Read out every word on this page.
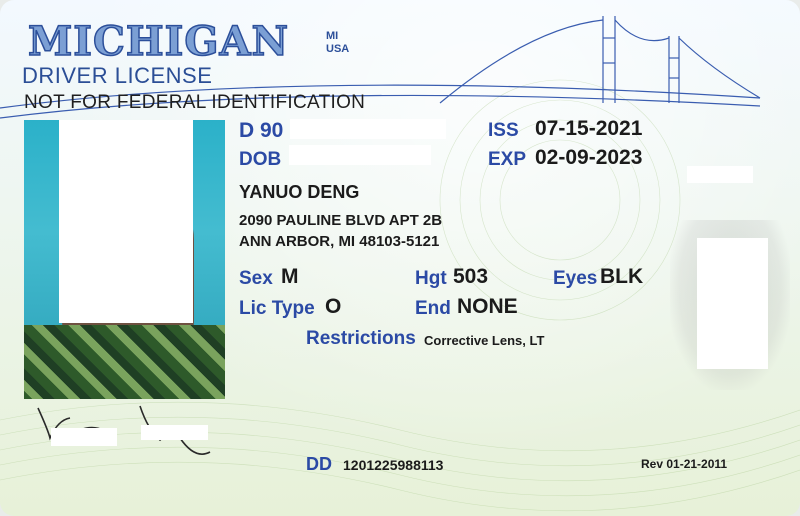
MICHIGAN	MI
USA
DRIVER LICENSE
NOT FOR FEDERAL IDENTIFICATION
D 90
DOB
ISS 07-15-2021
EXP 02-09-2023
YANUO DENG
2090 PAULINE BLVD APT 2B
ANN ARBOR, MI 48103-5121
Sex M	Hgt 503	Eyes BLK
Lic Type O	End NONE
Restrictions Corrective Lens, LT
DD 1201225988113	Rev 01-21-2011
